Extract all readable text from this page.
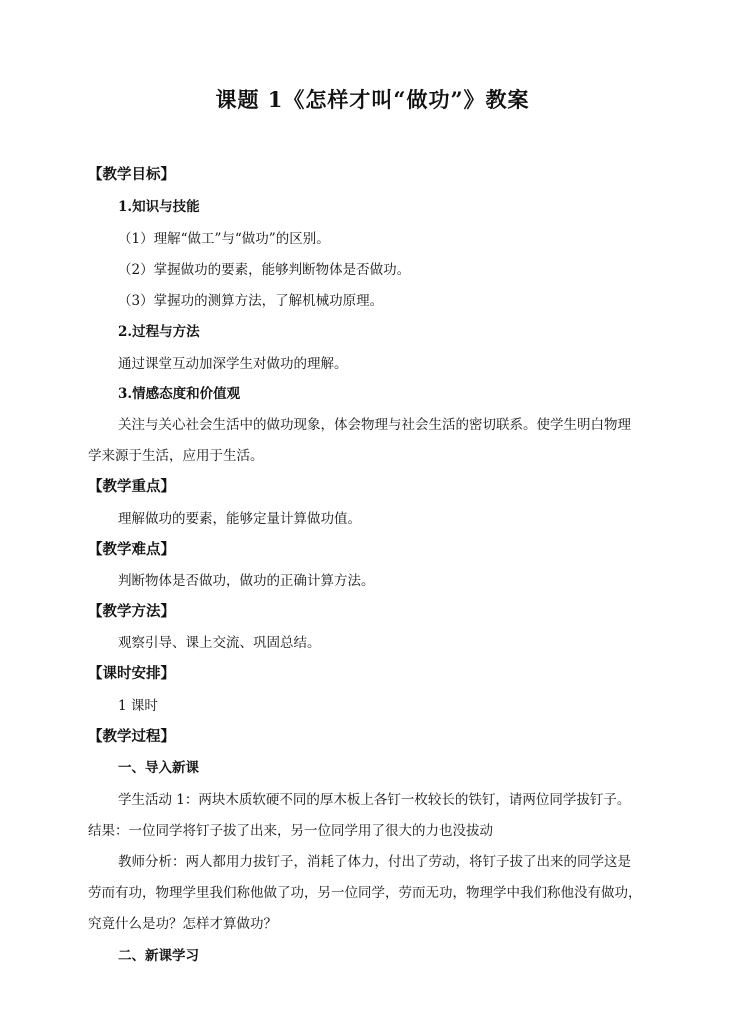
课题 1《怎样才叫“做功”》教案
【教学目标】
1.知识与技能
（1）理解“做工”与“做功”的区别。
（2）掌握做功的要素，能够判断物体是否做功。
（3）掌握功的测算方法，了解机械功原理。
2.过程与方法
通过课堂互动加深学生对做功的理解。
3.情感态度和价值观
关注与关心社会生活中的做功现象，体会物理与社会生活的密切联系。使学生明白物理
学来源于生活，应用于生活。
【教学重点】
理解做功的要素，能够定量计算做功值。
【教学难点】
判断物体是否做功，做功的正确计算方法。
【教学方法】
观察引导、课上交流、巩固总结。
【课时安排】
1 课时
【教学过程】
一、导入新课
学生活动 1：两块木质软硬不同的厚木板上各钉一枚较长的铁钉，请两位同学拔钉子。
结果：一位同学将钉子拔了出来，另一位同学用了很大的力也没拔动
教师分析：两人都用力拔钉子，消耗了体力，付出了劳动，将钉子拔了出来的同学这是
劳而有功，物理学里我们称他做了功，另一位同学，劳而无功，物理学中我们称他没有做功，
究竟什么是功？怎样才算做功？
二、新课学习
